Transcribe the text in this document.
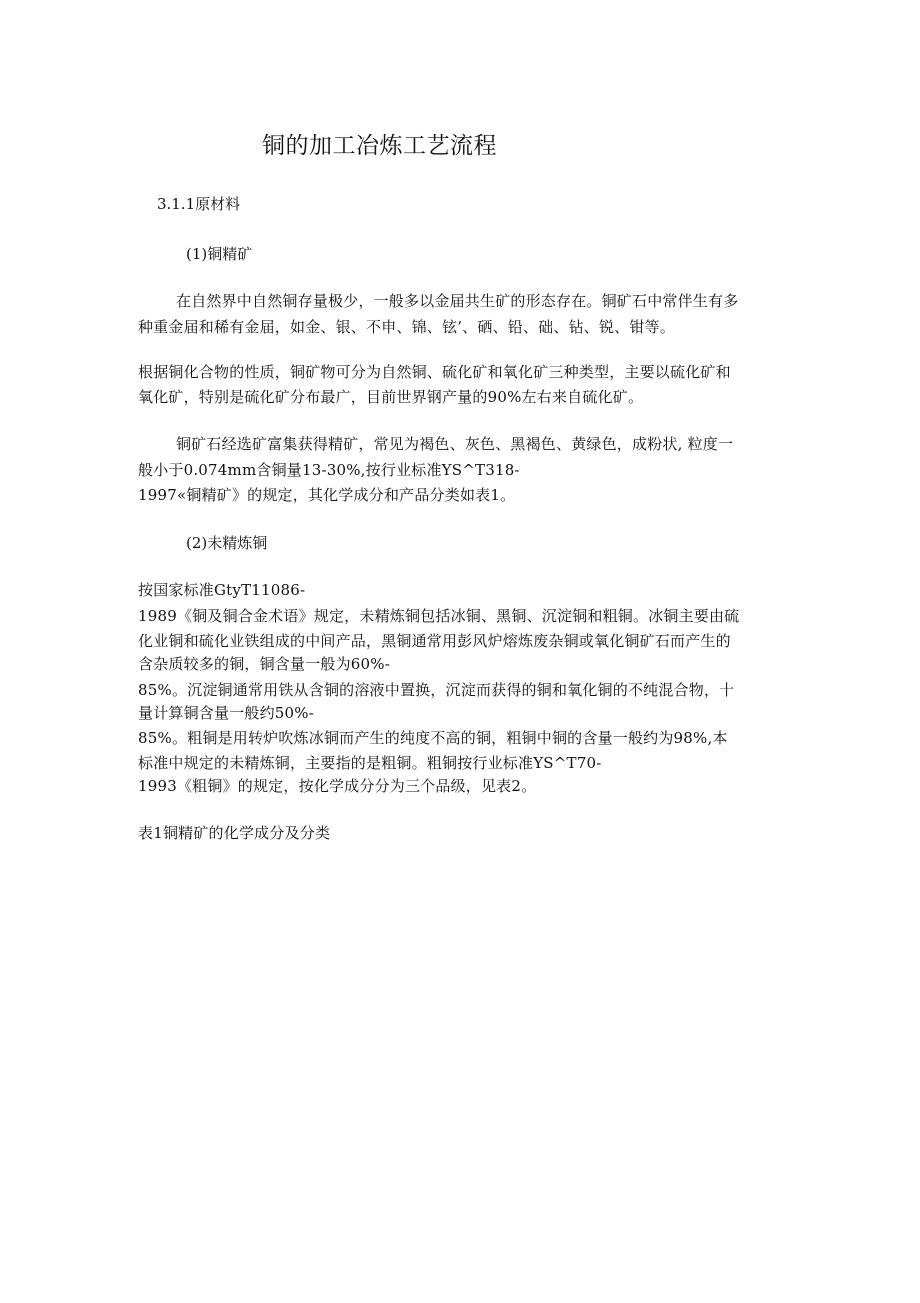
铜的加工冶炼工艺流程
3.1.1原材料
(1)铜精矿
在自然界中自然铜存量极少，一般多以金届共生矿的形态存在。铜矿石中常伴生有多
种重金届和稀有金届，如金、银、不申、锦、铉’、硒、铅、础、钻、锐、钳等。
根据铜化合物的性质，铜矿物可分为自然铜、硫化矿和氧化矿三种类型，主要以硫化矿和
氧化矿，特别是硫化矿分布最广，目前世界钢产量的90%左右来自硫化矿。
铜矿石经选矿富集获得精矿，常见为褐色、灰色、黑褐色、黄绿色，成粉状, 粒度一
般小于0.074mm含铜量13-30%,按行业标准YS^T318-
1997«铜精矿》的规定，其化学成分和产品分类如表1。
(2)未精炼铜
按国家标准GtyT11086-
1989《铜及铜合金术语》规定，未精炼铜包括冰铜、黑铜、沉淀铜和粗铜。冰铜主要由硫
化业铜和硫化业铁组成的中间产品，黑铜通常用彭风炉熔炼废杂铜或氧化铜矿石而产生的
含杂质较多的铜，铜含量一般为60%-
85%。沉淀铜通常用铁从含铜的溶液中置换，沉淀而获得的铜和氧化铜的不纯混合物，十
量计算铜含量一般约50%-
85%。粗铜是用转炉吹炼冰铜而产生的纯度不高的铜，粗铜中铜的含量一般约为98%,本
标准中规定的未精炼铜，主要指的是粗铜。粗铜按行业标准YS^T70-
1993《粗铜》的规定，按化学成分分为三个品级，见表2。
表1铜精矿的化学成分及分类
